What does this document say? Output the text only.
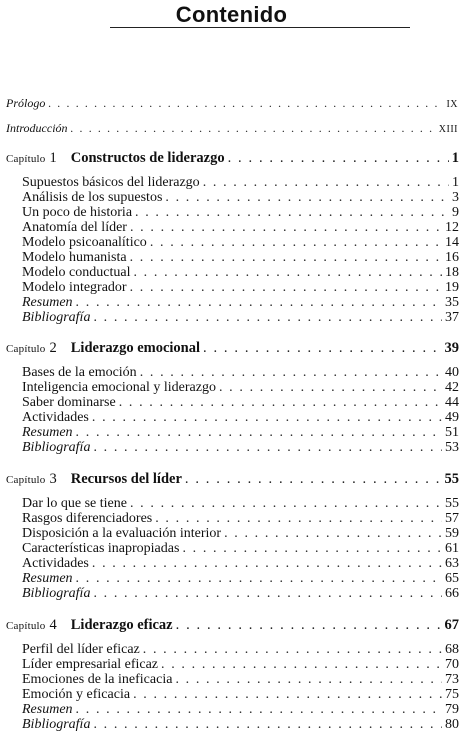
Contenido
Prólogo . . .	IX
Introducción . . .	XIII
Capítulo 1 Constructos de liderazgo . . .	1
Supuestos básicos del liderazgo . . .	1
Análisis de los supuestos . . .	3
Un poco de historia . . .	9
Anatomía del líder . . .	12
Modelo psicoanalítico . . .	14
Modelo humanista . . .	16
Modelo conductual . . .	18
Modelo integrador . . .	19
Resumen . . .	35
Bibliografía . . .	37
Capítulo 2 Liderazgo emocional . . .	39
Bases de la emoción . . .	40
Inteligencia emocional y liderazgo . . .	42
Saber dominarse . . .	44
Actividades . . .	49
Resumen . . .	51
Bibliografía . . .	53
Capítulo 3 Recursos del líder . . .	55
Dar lo que se tiene . . .	55
Rasgos diferenciadores . . .	57
Disposición a la evaluación interior . . .	59
Características inapropiadas . . .	61
Actividades . . .	63
Resumen . . .	65
Bibliografía . . .	66
Capítulo 4 Liderazgo eficaz . . .	67
Perfil del líder eficaz . . .	68
Líder empresarial eficaz . . .	70
Emociones de la ineficacia . . .	73
Emoción y eficacia . . .	75
Resumen . . .	79
Bibliografía . . .	80
